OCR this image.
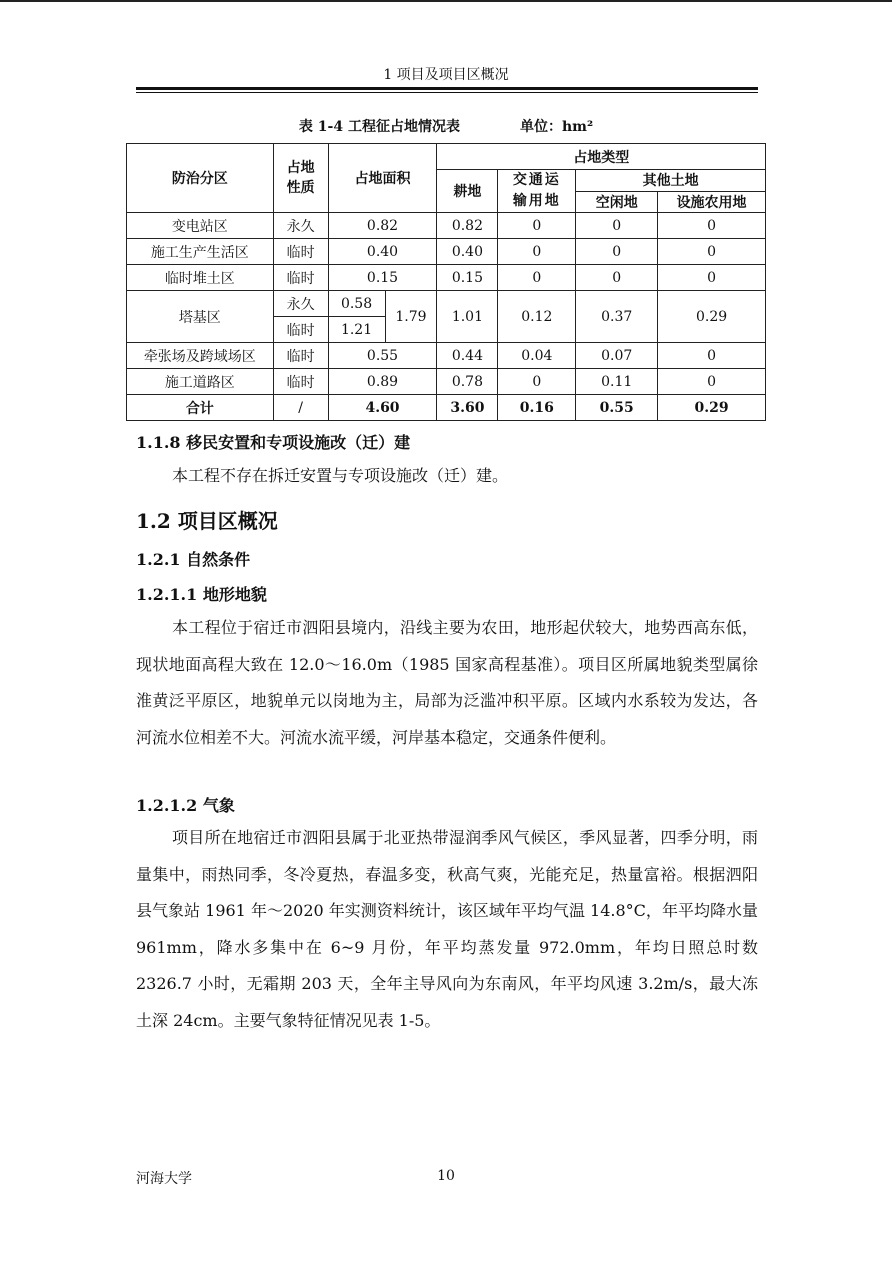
1 项目及项目区概况
表 1-4 工程征占地情况表	单位：hm²
防治分区	占地性质	占地面积		占地类型			
				耕地	交通运输用地	其他土地	
						空闲地	设施农用地
变电站区	永久	0.82		0.82	0	0	0
施工生产生活区	临时	0.40		0.40	0	0	0
临时堆土区	临时	0.15		0.15	0	0	0
塔基区	永久	0.58	1.79	1.01	0.12	0.37	0.29
	临时	1.21					
牵张场及跨域场区	临时	0.55		0.44	0.04	0.07	0
施工道路区	临时	0.89		0.78	0	0.11	0
合计	/	4.60		3.60	0.16	0.55	0.29
1.1.8 移民安置和专项设施改（迁）建

本工程不存在拆迁安置与专项设施改（迁）建。

1.2 项目区概况
1.2.1 自然条件
1.2.1.1 地形地貌

本工程位于宿迁市泗阳县境内，沿线主要为农田，地形起伏较大，地势西高东低，现状地面高程大致在 12.0～16.0m（1985 国家高程基准）。项目区所属地貌类型属徐淮黄泛平原区，地貌单元以岗地为主，局部为泛滥冲积平原。区域内水系较为发达，各河流水位相差不大。河流水流平缓，河岸基本稳定，交通条件便利。

1.2.1.2 气象

项目所在地宿迁市泗阳县属于北亚热带湿润季风气候区，季风显著，四季分明，雨量集中，雨热同季，冬冷夏热，春温多变，秋高气爽，光能充足，热量富裕。根据泗阳县气象站 1961 年～2020 年实测资料统计，该区域年平均气温 14.8°C，年平均降水量 961mm，降水多集中在 6~9 月份，年平均蒸发量 972.0mm，年均日照总时数 2326.7 小时，无霜期 203 天，全年主导风向为东南风，年平均风速 3.2m/s，最大冻土深 24cm。主要气象特征情况见表 1-5。

河海大学	10
